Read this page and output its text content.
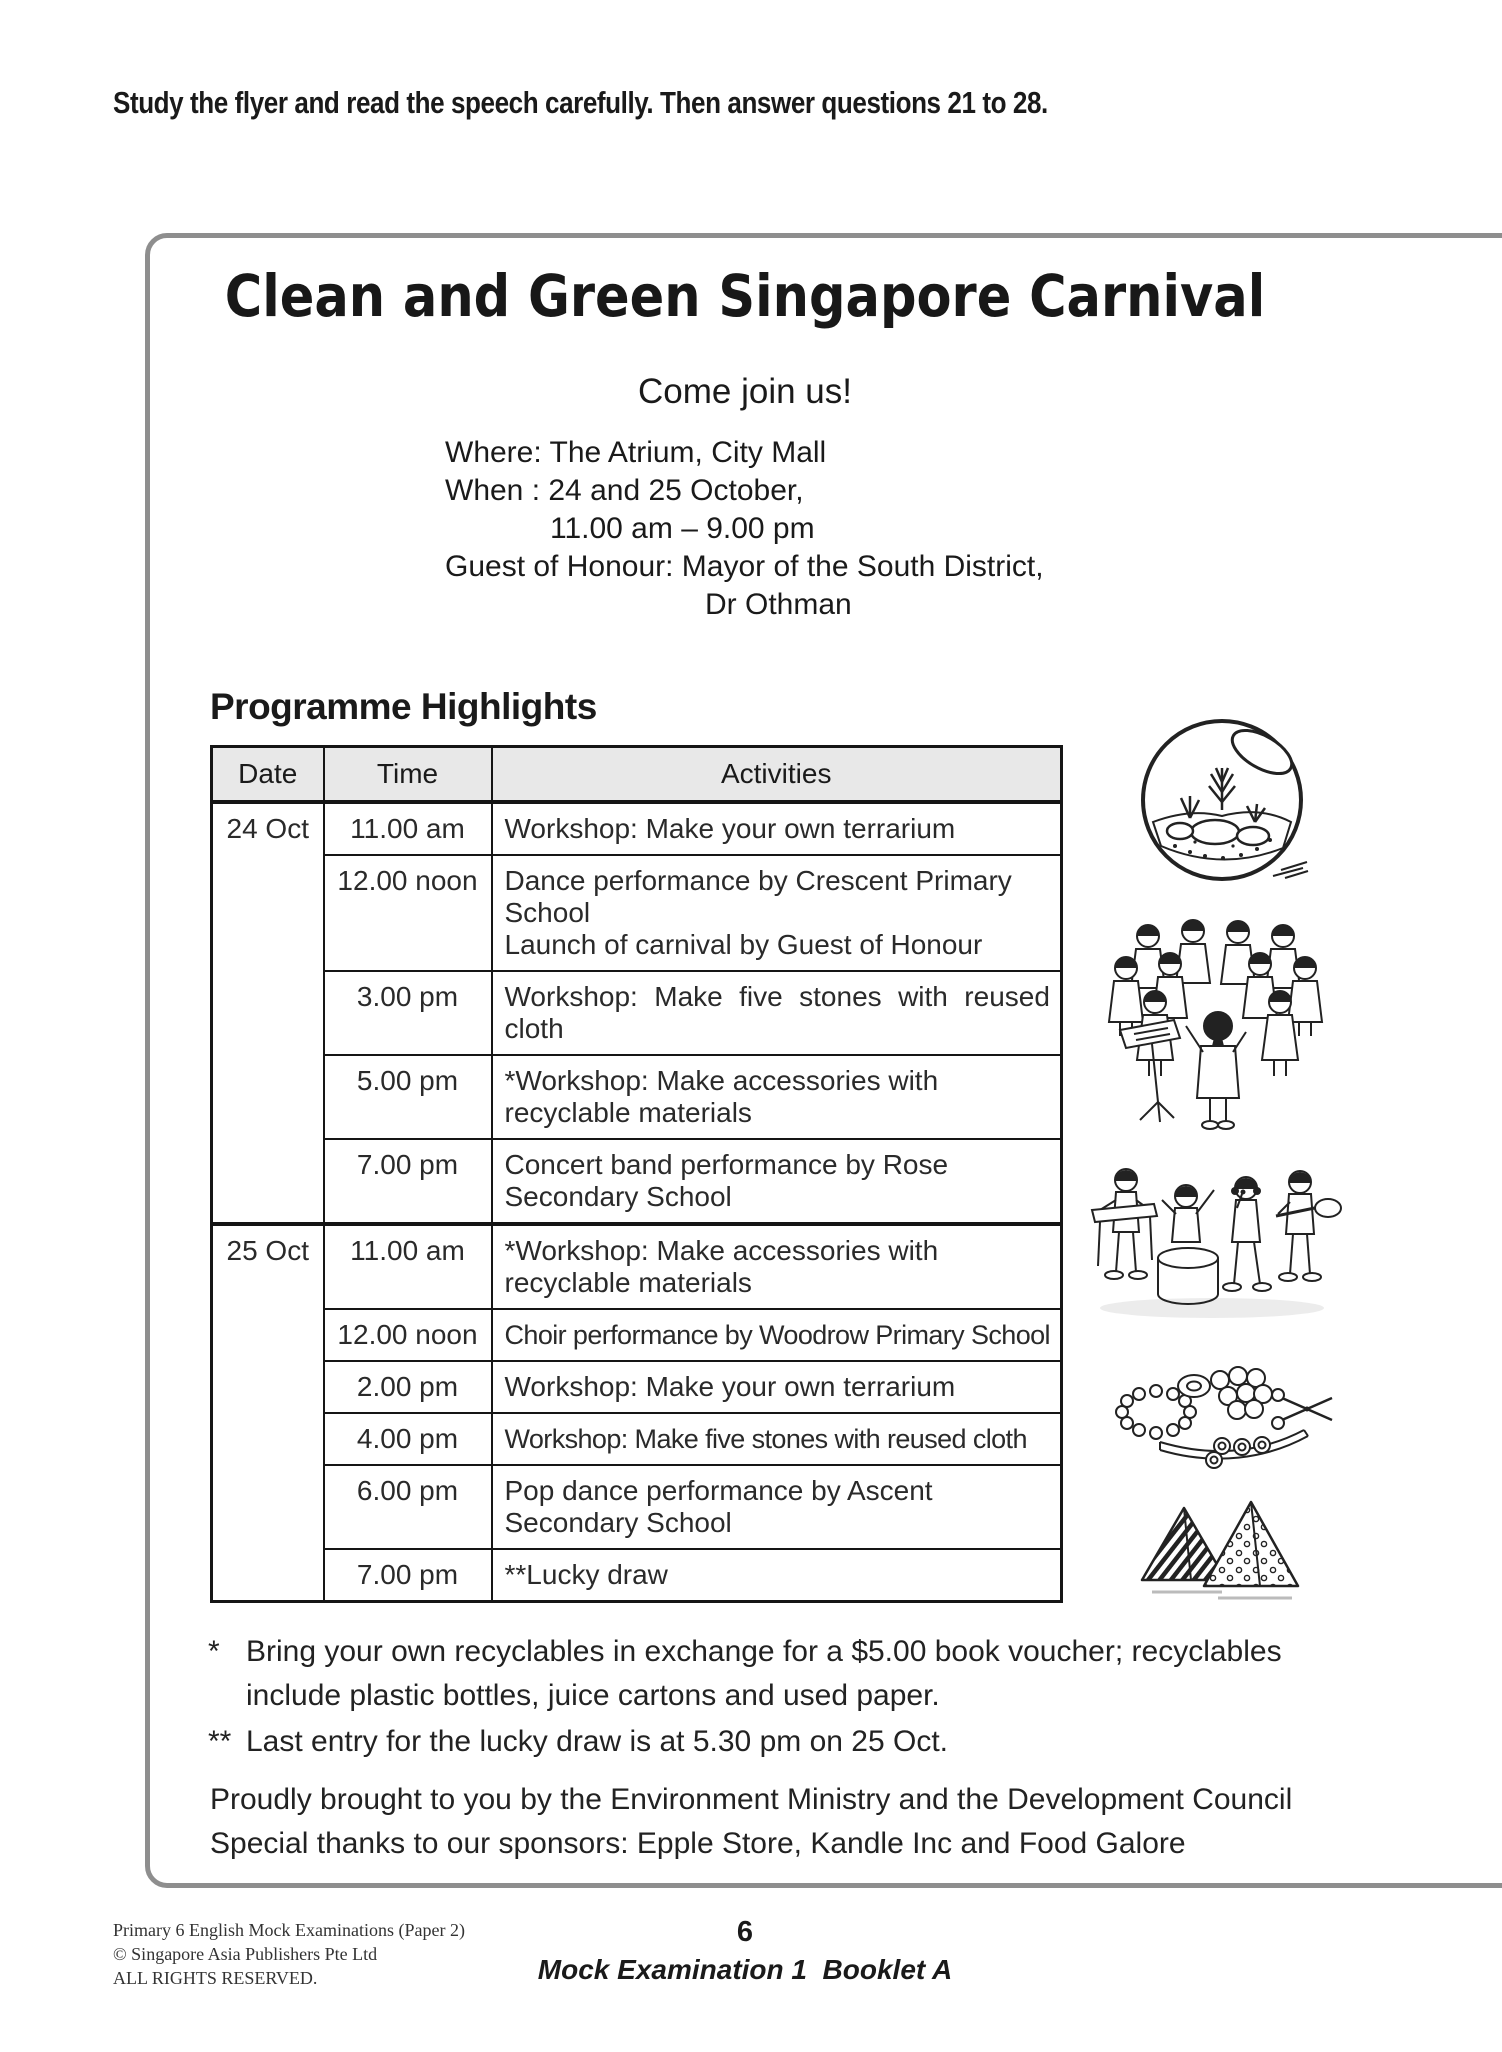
Study the flyer and read the speech carefully. Then answer questions 21 to 28.
Clean and Green Singapore Carnival
Come join us!
Where: The Atrium, City Mall
When : 24 and 25 October,
11.00 am – 9.00 pm
Guest of Honour: Mayor of the South District,
Dr Othman
Programme Highlights
Date	Time	Activities
24 Oct	11.00 am	Workshop: Make your own terrarium

	12.00 noon	Dance performance by Crescent Primary School
Launch of carnival by Guest of Honour

	3.00 pm	Workshop: Make five stones with reused cloth

	5.00 pm	*Workshop: Make accessories with recyclable materials

	7.00 pm	Concert band performance by Rose Secondary School

25 Oct	11.00 am	*Workshop: Make accessories with recyclable materials

	12.00 noon	Choir performance by Woodrow Primary School

	2.00 pm	Workshop: Make your own terrarium

	4.00 pm	Workshop: Make five stones with reused cloth

	6.00 pm	Pop dance performance by Ascent Secondary School

	7.00 pm	**Lucky draw
* Bring your own recyclables in exchange for a $5.00 book voucher; recyclables include plastic bottles, juice cartons and used paper.
** Last entry for the lucky draw is at 5.30 pm on 25 Oct.
Proudly brought to you by the Environment Ministry and the Development Council
Special thanks to our sponsors: Epple Store, Kandle Inc and Food Galore
Primary 6 English Mock Examinations (Paper 2)
© Singapore Asia Publishers Pte Ltd
ALL RIGHTS RESERVED.
6
Mock Examination 1  Booklet A
